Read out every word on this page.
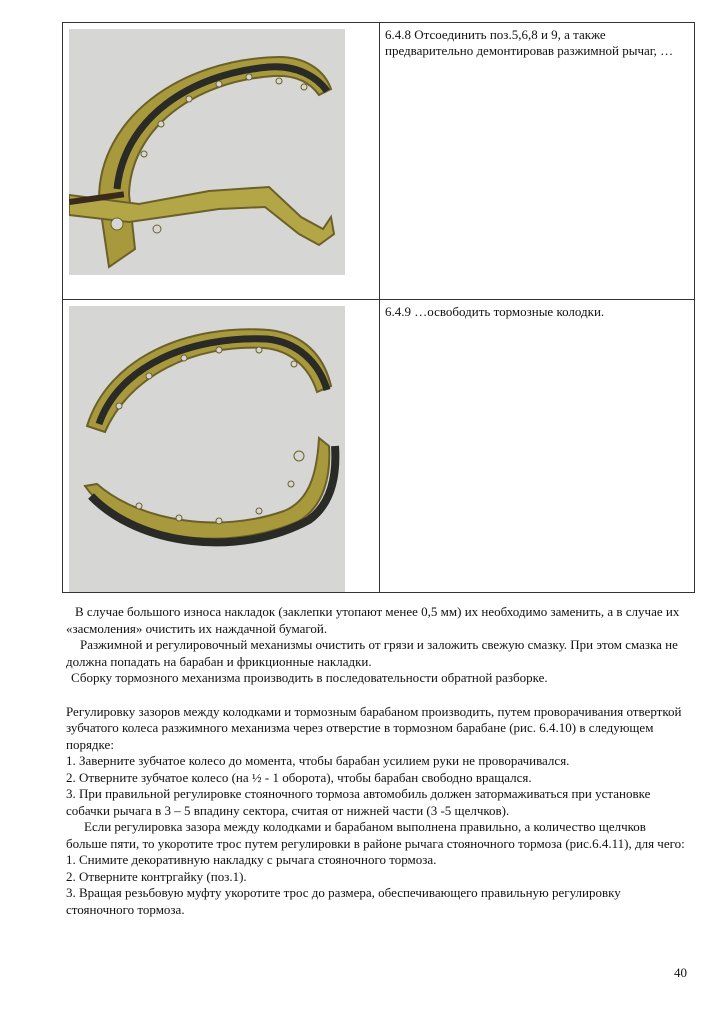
	6.4.8 Отсоединить поз.5,6,8 и 9, а также предварительно демонтировав разжимной рычаг, …

	6.4.9 …освободить тормозные колодки.

В случае большого износа накладок (заклепки утопают менее 0,5 мм) их необходимо заменить, а в случае их «засмоления» очистить их наждачной бумагой.

Разжимной и регулировочный механизмы очистить от грязи и заложить свежую смазку. При этом смазка не должна попадать на барабан и фрикционные накладки.

Сборку тормозного механизма производить в последовательности обратной разборке.

Регулировку зазоров между колодками и тормозным барабаном производить, путем проворачивания отверткой зубчатого колеса разжимного механизма через отверстие в тормозном барабане (рис. 6.4.10) в следующем порядке:

1. Заверните зубчатое колесо до момента, чтобы барабан усилием руки не проворачивался.

2. Отверните зубчатое колесо (на ½ - 1 оборота), чтобы барабан свободно вращался.

3. При правильной регулировке стояночного тормоза автомобиль должен затормаживаться при установке собачки рычага в 3 – 5 впадину сектора, считая от нижней части (3 -5 щелчков).

Если регулировка зазора между колодками и барабаном выполнена правильно, а количество щелчков больше пяти, то укоротите трос путем регулировки в районе рычага стояночного тормоза (рис.6.4.11), для чего:

1. Снимите декоративную накладку с рычага стояночного тормоза.

2. Отверните контргайку (поз.1).

3. Вращая резьбовую муфту укоротите трос до размера, обеспечивающего правильную регулировку стояночного тормоза.

40
